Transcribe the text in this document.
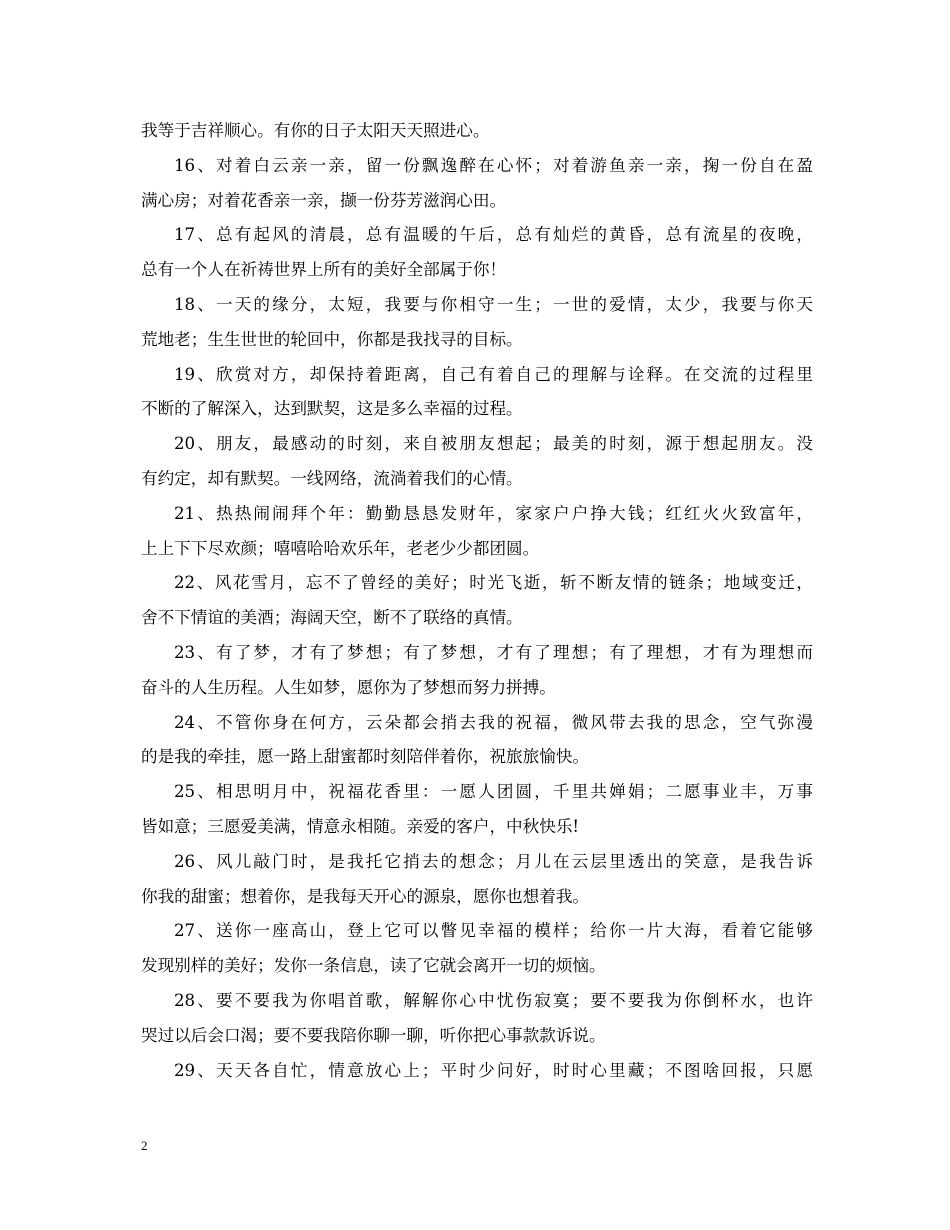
我等于吉祥顺心。有你的日子太阳天天照进心。
16、对着白云亲一亲，留一份飘逸醉在心怀；对着游鱼亲一亲，掬一份自在盈
满心房；对着花香亲一亲，撷一份芬芳滋润心田。
17、总有起风的清晨，总有温暖的午后，总有灿烂的黄昏，总有流星的夜晚，
总有一个人在祈祷世界上所有的美好全部属于你！
18、一天的缘分，太短，我要与你相守一生；一世的爱情，太少，我要与你天
荒地老；生生世世的轮回中，你都是我找寻的目标。
19、欣赏对方，却保持着距离，自己有着自己的理解与诠释。在交流的过程里
不断的了解深入，达到默契，这是多么幸福的过程。
20、朋友，最感动的时刻，来自被朋友想起；最美的时刻，源于想起朋友。没
有约定，却有默契。一线网络，流淌着我们的心情。
21、热热闹闹拜个年：勤勤恳恳发财年，家家户户挣大钱；红红火火致富年，
上上下下尽欢颜；嘻嘻哈哈欢乐年，老老少少都团圆。
22、风花雪月，忘不了曾经的美好；时光飞逝，斩不断友情的链条；地域变迁，
舍不下情谊的美酒；海阔天空，断不了联络的真情。
23、有了梦，才有了梦想；有了梦想，才有了理想；有了理想，才有为理想而
奋斗的人生历程。人生如梦，愿你为了梦想而努力拼搏。
24、不管你身在何方，云朵都会捎去我的祝福，微风带去我的思念，空气弥漫
的是我的牵挂，愿一路上甜蜜都时刻陪伴着你，祝旅旅愉快。
25、相思明月中，祝福花香里：一愿人团圆，千里共婵娟；二愿事业丰，万事
皆如意；三愿爱美满，情意永相随。亲爱的客户，中秋快乐!
26、风儿敲门时，是我托它捎去的想念；月儿在云层里透出的笑意，是我告诉
你我的甜蜜；想着你，是我每天开心的源泉，愿你也想着我。
27、送你一座高山，登上它可以瞥见幸福的模样；给你一片大海，看着它能够
发现别样的美好；发你一条信息，读了它就会离开一切的烦恼。
28、要不要我为你唱首歌，解解你心中忧伤寂寞；要不要我为你倒杯水，也许
哭过以后会口渴；要不要我陪你聊一聊，听你把心事款款诉说。
29、天天各自忙，情意放心上；平时少问好，时时心里藏；不图啥回报，只愿
2
